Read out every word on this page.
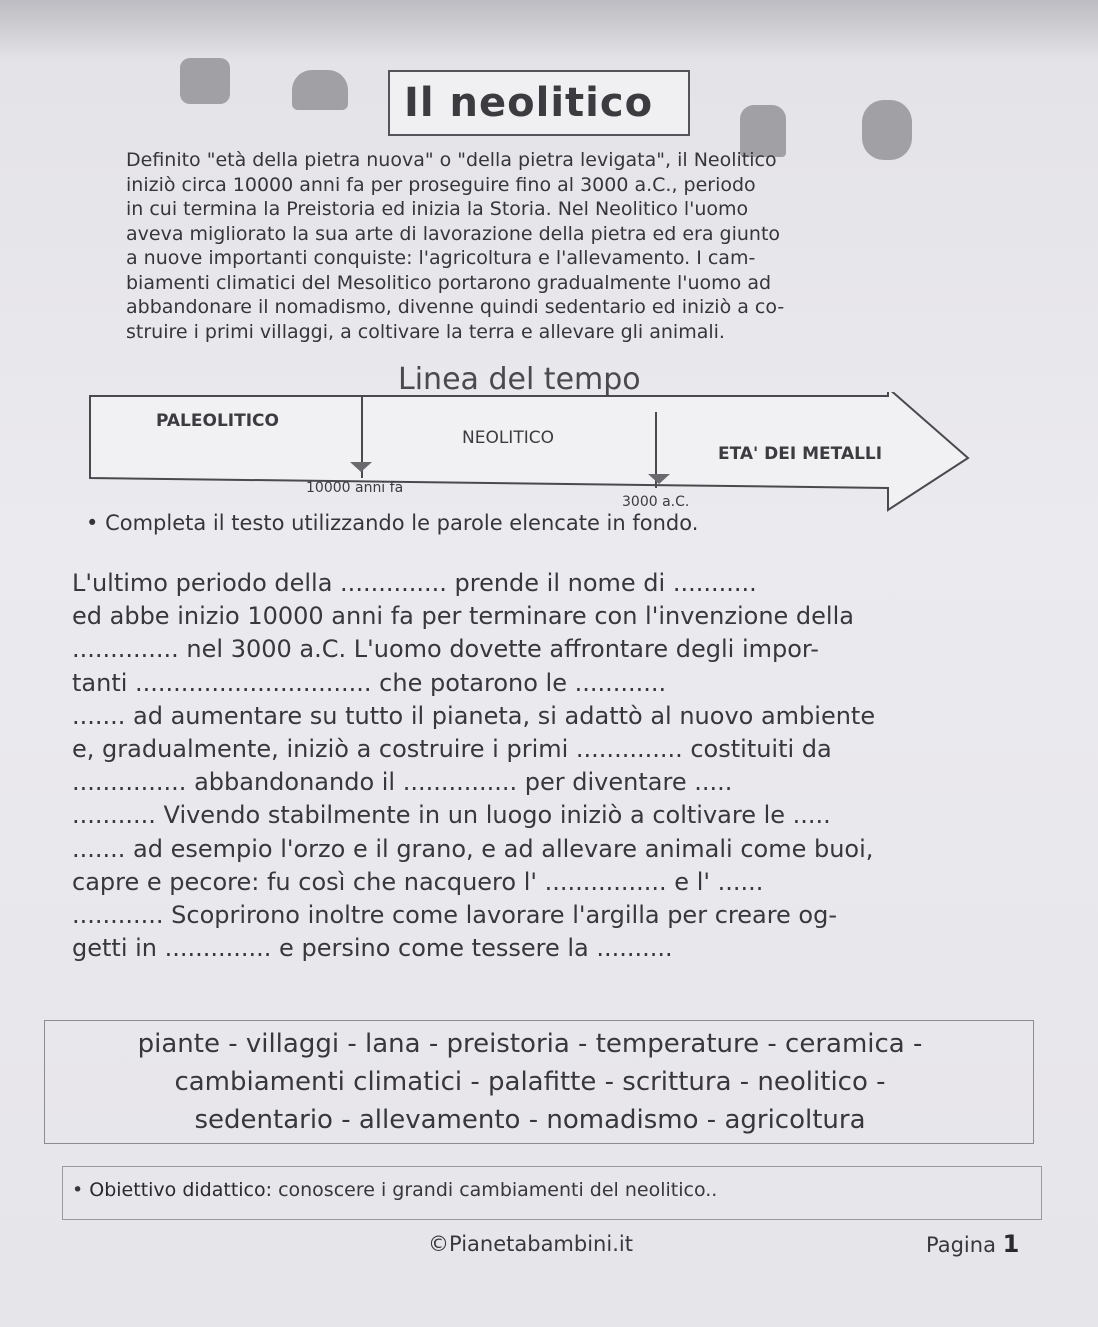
Il neolitico

Definito "età della pietra nuova" o "della pietra levigata", il Neolitico

iniziò circa 10000 anni fa per proseguire fino al 3000 a.C., periodo

in cui termina la Preistoria ed inizia la Storia. Nel Neolitico l'uomo

aveva migliorato la sua arte di lavorazione della pietra ed era giunto

a nuove importanti conquiste: l'agricoltura e l'allevamento. I cam-

biamenti climatici del Mesolitico portarono gradualmente l'uomo ad

abbandonare il nomadismo, divenne quindi sedentario ed iniziò a co-

struire i primi villaggi, a coltivare la terra e allevare gli animali.

Linea del tempo
PALEOLITICO
NEOLITICO
ETA' DEI METALLI
10000 anni fa
3000 a.C.
• Completa il testo utilizzando le parole elencate in fondo.

L'ultimo periodo della .............. prende il nome di ...........

ed abbe inizio 10000 anni fa per terminare con l'invenzione della

.............. nel 3000 a.C. L'uomo dovette affrontare degli impor-

tanti ............................... che potarono le ............

....... ad aumentare su tutto il pianeta, si adattò al nuovo ambiente

e, gradualmente, iniziò a costruire i primi .............. costituiti da

............... abbandonando il ............... per diventare .....

........... Vivendo stabilmente in un luogo iniziò a coltivare le .....

....... ad esempio l'orzo e il grano, e ad allevare animali come buoi,

capre e pecore: fu così che nacquero l' ................ e l' ......

............ Scoprirono inoltre come lavorare l'argilla per creare og-

getti in .............. e persino come tessere la ..........

piante - villaggi - lana - preistoria - temperature - ceramica -
cambiamenti climatici - palafitte - scrittura - neolitico -
sedentario - allevamento - nomadismo - agricoltura
• Obiettivo didattico: conoscere i grandi cambiamenti del neolitico..
©Pianetabambini.it	Pagina 1
